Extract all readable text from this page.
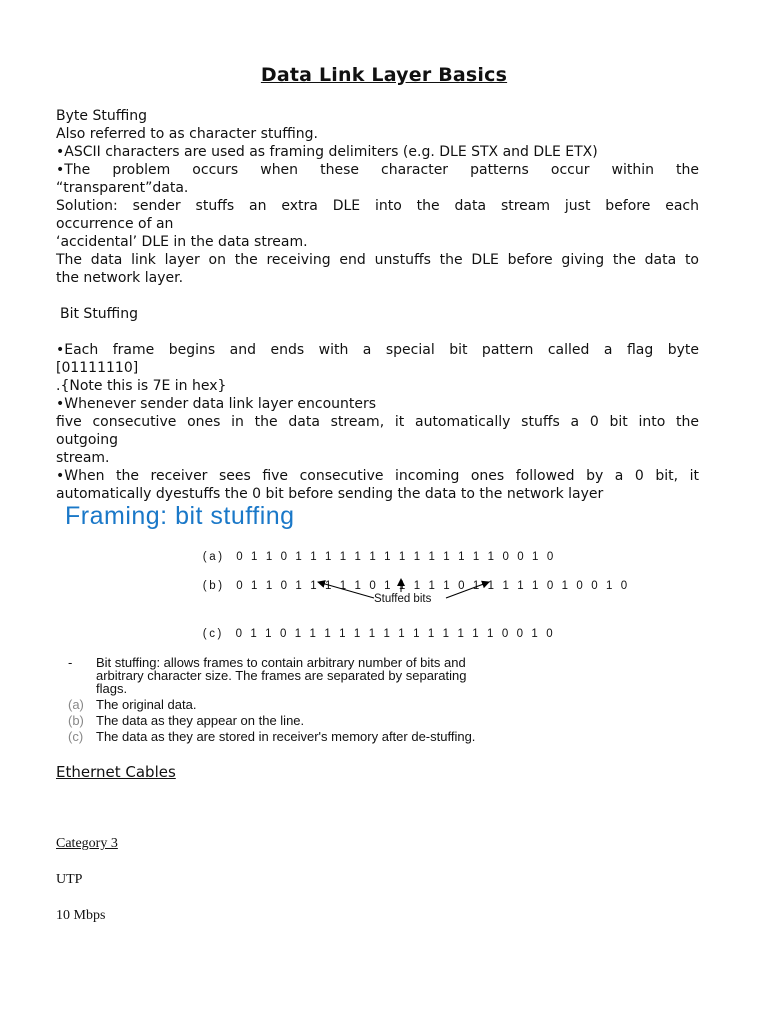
Data Link Layer Basics

Byte Stuffing

Also referred to as character stuffing.

•ASCII characters are used as framing delimiters (e.g. DLE STX and DLE ETX)

•The problem occurs when these character patterns occur within the

“transparent”data.

Solution: sender stuffs an extra DLE into the data stream just before each

occurrence of an

‘accidental’ DLE in the data stream.

The data link layer on the receiving end unstuffs the DLE before giving the data to

the network layer.

Bit Stuffing

•Each frame begins and ends with a special bit pattern called a flag byte

[01111110]

.{Note this is 7E in hex}

•Whenever sender data link layer encounters

five consecutive ones in the data stream, it automatically stuffs a 0 bit into the

outgoing

stream.

•When the receiver sees five consecutive incoming ones followed by a 0 bit, it

automatically dyestuffs the 0 bit before sending the data to the network layer

Framing: bit stuffing

(a) 0 1 1 0 1 1 1 1 1 1 1 1 1 1 1 1 1 1 0 0 1 0

(b) 0 1 1 0 1 1 1 1 1 0 1 1 1 1 1 0 1 1 1 1 1 0 1 0 0 1 0

Stuffed bits

(c) 0 1 1 0 1 1 1 1 1 1 1 1 1 1 1 1 1 1 0 0 1 0

-	Bit stuffing: allows frames to contain arbitrary number of bits and
arbitrary character size. The frames are separated by separating
flags.
(a) The original data.
(b) The data as they appear on the line.
(c) The data as they are stored in receiver's memory after de-stuffing.
Ethernet Cables
Category 3
UTP
10 Mbps
